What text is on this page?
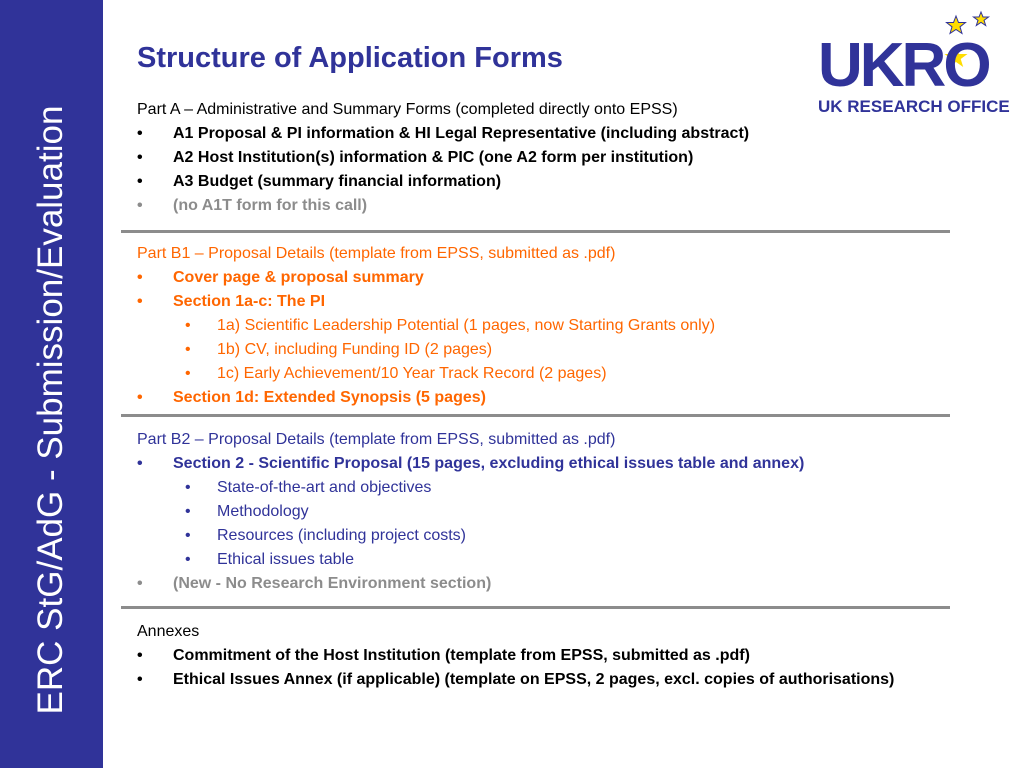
ERC StG/AdG - Submission/Evaluation
Structure of Application Forms	UKRO
UK RESEARCH OFFICE
Part A – Administrative and Summary Forms (completed directly onto EPSS)
•	A1 Proposal & PI information & HI Legal Representative (including abstract)
•	A2 Host Institution(s) information & PIC (one A2 form per institution)
•	A3 Budget (summary financial information)
•	(no A1T form for this call)
Part B1 – Proposal Details (template from EPSS, submitted as .pdf)
•	Cover page & proposal summary
•	Section 1a-c: The PI
•	1a) Scientific Leadership Potential (1 pages, now Starting Grants only)
•	1b) CV, including Funding ID (2 pages)
•	1c) Early Achievement/10 Year Track Record (2 pages)
•	Section 1d: Extended Synopsis (5 pages)
Part B2 – Proposal Details (template from EPSS, submitted as .pdf)
•	Section 2 - Scientific Proposal (15 pages, excluding ethical issues table and annex)
•	State-of-the-art and objectives
•	Methodology
•	Resources (including project costs)
•	Ethical issues table
•	(New - No Research Environment section)
Annexes
•	Commitment of the Host Institution (template from EPSS, submitted as .pdf)
•	Ethical Issues Annex (if applicable) (template on EPSS, 2 pages, excl. copies of authorisations)
